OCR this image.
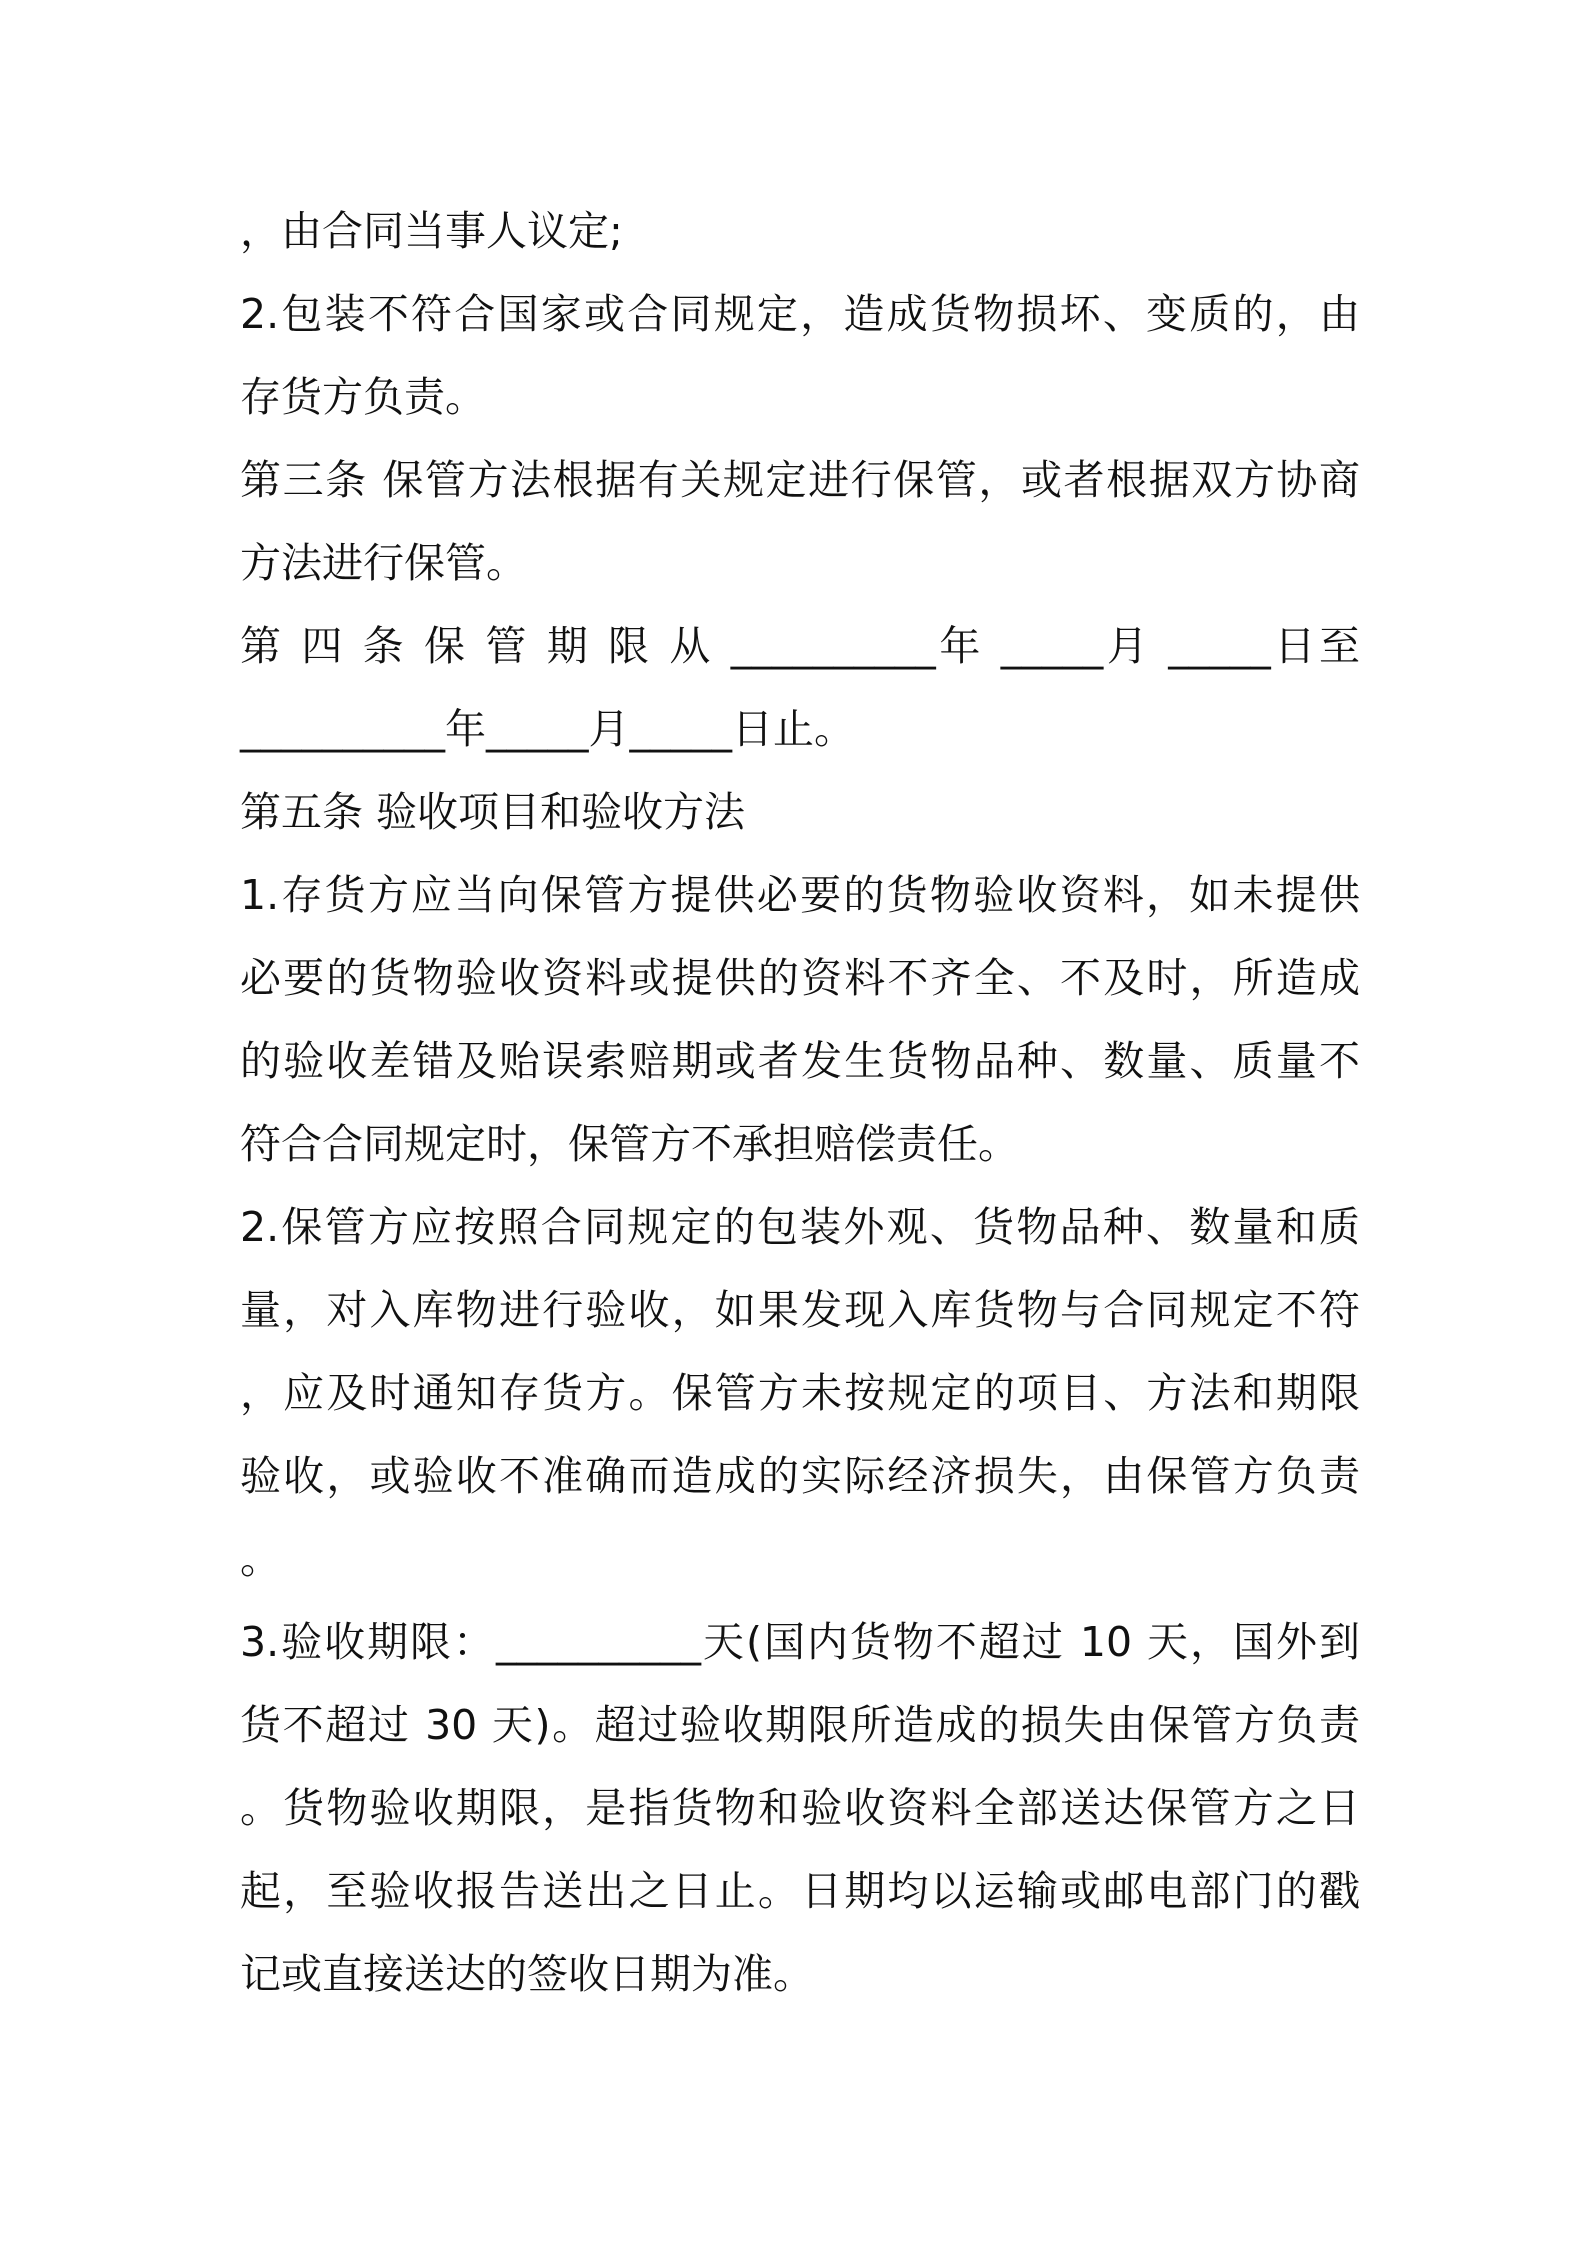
，由合同当事人议定;

2.包装不符合国家或合同规定，造成货物损坏、变质的，由

存货方负责。

第三条 保管方法根据有关规定进行保管，或者根据双方协商

方法进行保管。

第 四 条 保 管 期 限 从 __________年 _____月 _____日至

__________年_____月_____日止。

第五条 验收项目和验收方法

1.存货方应当向保管方提供必要的货物验收资料，如未提供

必要的货物验收资料或提供的资料不齐全、不及时，所造成

的验收差错及贻误索赔期或者发生货物品种、数量、质量不

符合合同规定时，保管方不承担赔偿责任。

2.保管方应按照合同规定的包装外观、货物品种、数量和质

量，对入库物进行验收，如果发现入库货物与合同规定不符

，应及时通知存货方。保管方未按规定的项目、方法和期限

验收，或验收不准确而造成的实际经济损失，由保管方负责

。

3.验收期限：__________天(国内货物不超过 10 天，国外到

货不超过 30 天)。超过验收期限所造成的损失由保管方负责

。货物验收期限，是指货物和验收资料全部送达保管方之日

起，至验收报告送出之日止。日期均以运输或邮电部门的戳

记或直接送达的签收日期为准。
